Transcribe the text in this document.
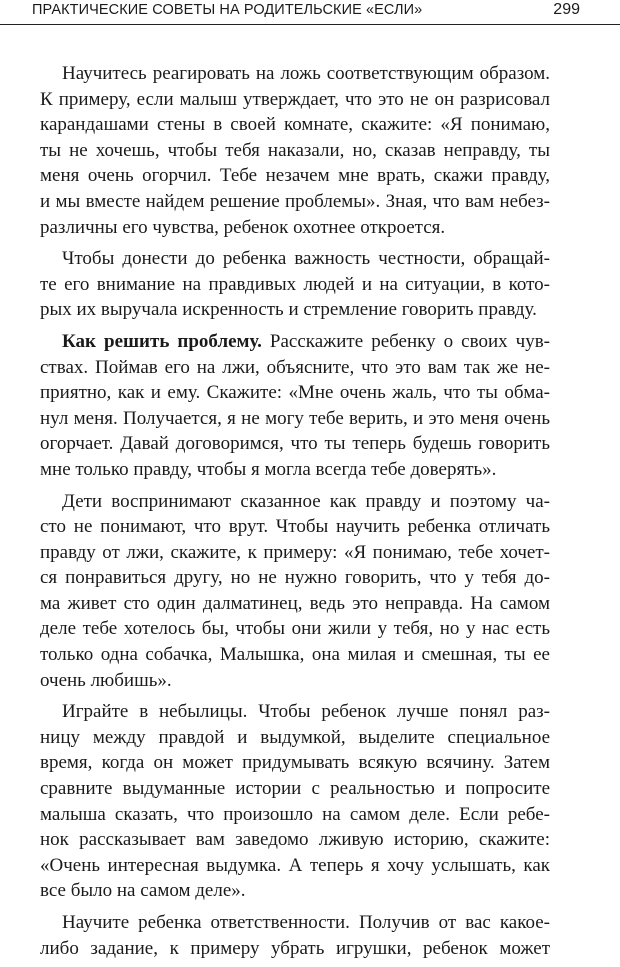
ПРАКТИЧЕСКИЕ СОВЕТЫ НА РОДИТЕЛЬСКИЕ «ЕСЛИ»	299
Научитесь реагировать на ложь соответствующим образом.
К примеру, если малыш утверждает, что это не он разрисовал
карандашами стены в своей комнате, скажите: «Я понимаю,
ты не хочешь, чтобы тебя наказали, но, сказав неправду, ты
меня очень огорчил. Тебе незачем мне врать, скажи правду,
и мы вместе найдем решение проблемы». Зная, что вам небез-
различны его чувства, ребенок охотнее откроется.
Чтобы донести до ребенка важность честности, обращай-
те его внимание на правдивых людей и на ситуации, в кото-
рых их выручала искренность и стремление говорить правду.
Как решить проблему. Расскажите ребенку о своих чув-
ствах. Поймав его на лжи, объясните, что это вам так же не-
приятно, как и ему. Скажите: «Мне очень жаль, что ты обма-
нул меня. Получается, я не могу тебе верить, и это меня очень
огорчает. Давай договоримся, что ты теперь будешь говорить
мне только правду, чтобы я могла всегда тебе доверять».
Дети воспринимают сказанное как правду и поэтому ча-
сто не понимают, что врут. Чтобы научить ребенка отличать
правду от лжи, скажите, к примеру: «Я понимаю, тебе хочет-
ся понравиться другу, но не нужно говорить, что у тебя до-
ма живет сто один далматинец, ведь это неправда. На самом
деле тебе хотелось бы, чтобы они жили у тебя, но у нас есть
только одна собачка, Малышка, она милая и смешная, ты ее
очень любишь».
Играйте в небылицы. Чтобы ребенок лучше понял раз-
ницу между правдой и выдумкой, выделите специальное
время, когда он может придумывать всякую всячину. Затем
сравните выдуманные истории с реальностью и попросите
малыша сказать, что произошло на самом деле. Если ребе-
нок рассказывает вам заведомо лживую историю, скажите:
«Очень интересная выдумка. А теперь я хочу услышать, как
все было на самом деле».
Научите ребенка ответственности. Получив от вас какое-
либо задание, к примеру убрать игрушки, ребенок может
